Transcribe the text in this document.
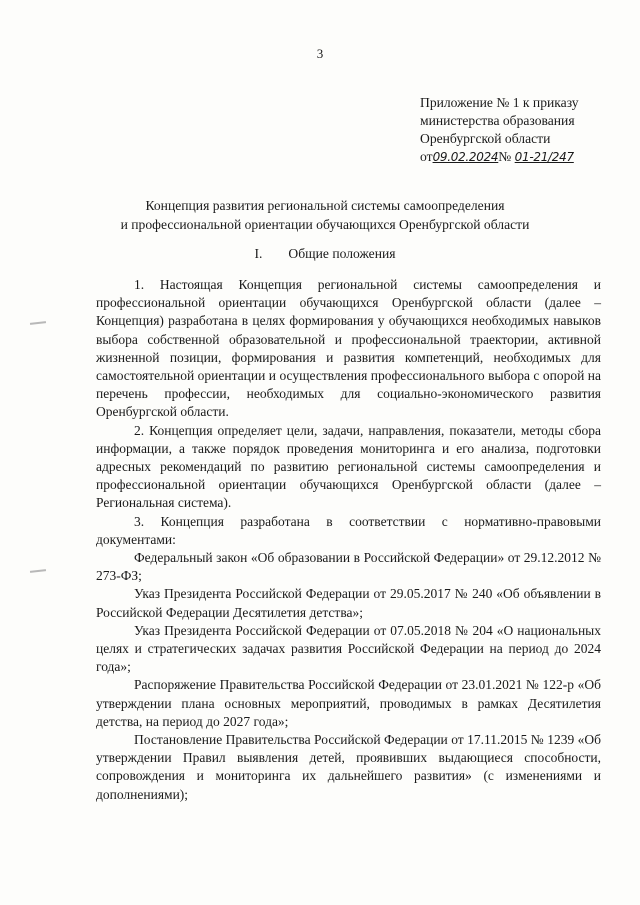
3
Приложение № 1 к приказу
министерства образования
Оренбургской области
от09.02.2024№ 01-21/247
Концепция развития региональной системы самоопределения
и профессиональной ориентации обучающихся Оренбургской области
I. Общие положения

1. Настоящая Концепция региональной системы самоопределения и профессиональной ориентации обучающихся Оренбургской области (далее – Концепция) разработана в целях формирования у обучающихся необходимых навыков выбора собственной образовательной и профессиональной траектории, активной жизненной позиции, формирования и развития компетенций, необходимых для самостоятельной ориентации и осуществления профессионального выбора с опорой на перечень профессии, необходимых для социально-экономического развития Оренбургской области.

2. Концепция определяет цели, задачи, направления, показатели, методы сбора информации, а также порядок проведения мониторинга и его анализа, подготовки адресных рекомендаций по развитию региональной системы самоопределения и профессиональной ориентации обучающихся Оренбургской области (далее – Региональная система).

3. Концепция разработана в соответствии с нормативно-правовыми документами:

Федеральный закон «Об образовании в Российской Федерации» от 29.12.2012 № 273-ФЗ;

Указ Президента Российской Федерации от 29.05.2017 № 240 «Об объявлении в Российской Федерации Десятилетия детства»;

Указ Президента Российской Федерации от 07.05.2018 № 204 «О национальных целях и стратегических задачах развития Российской Федерации на период до 2024 года»;

Распоряжение Правительства Российской Федерации от 23.01.2021 № 122-р «Об утверждении плана основных мероприятий, проводимых в рамках Десятилетия детства, на период до 2027 года»;

Постановление Правительства Российской Федерации от 17.11.2015 № 1239 «Об утверждении Правил выявления детей, проявивших выдающиеся способности, сопровождения и мониторинга их дальнейшего развития» (с изменениями и дополнениями);
